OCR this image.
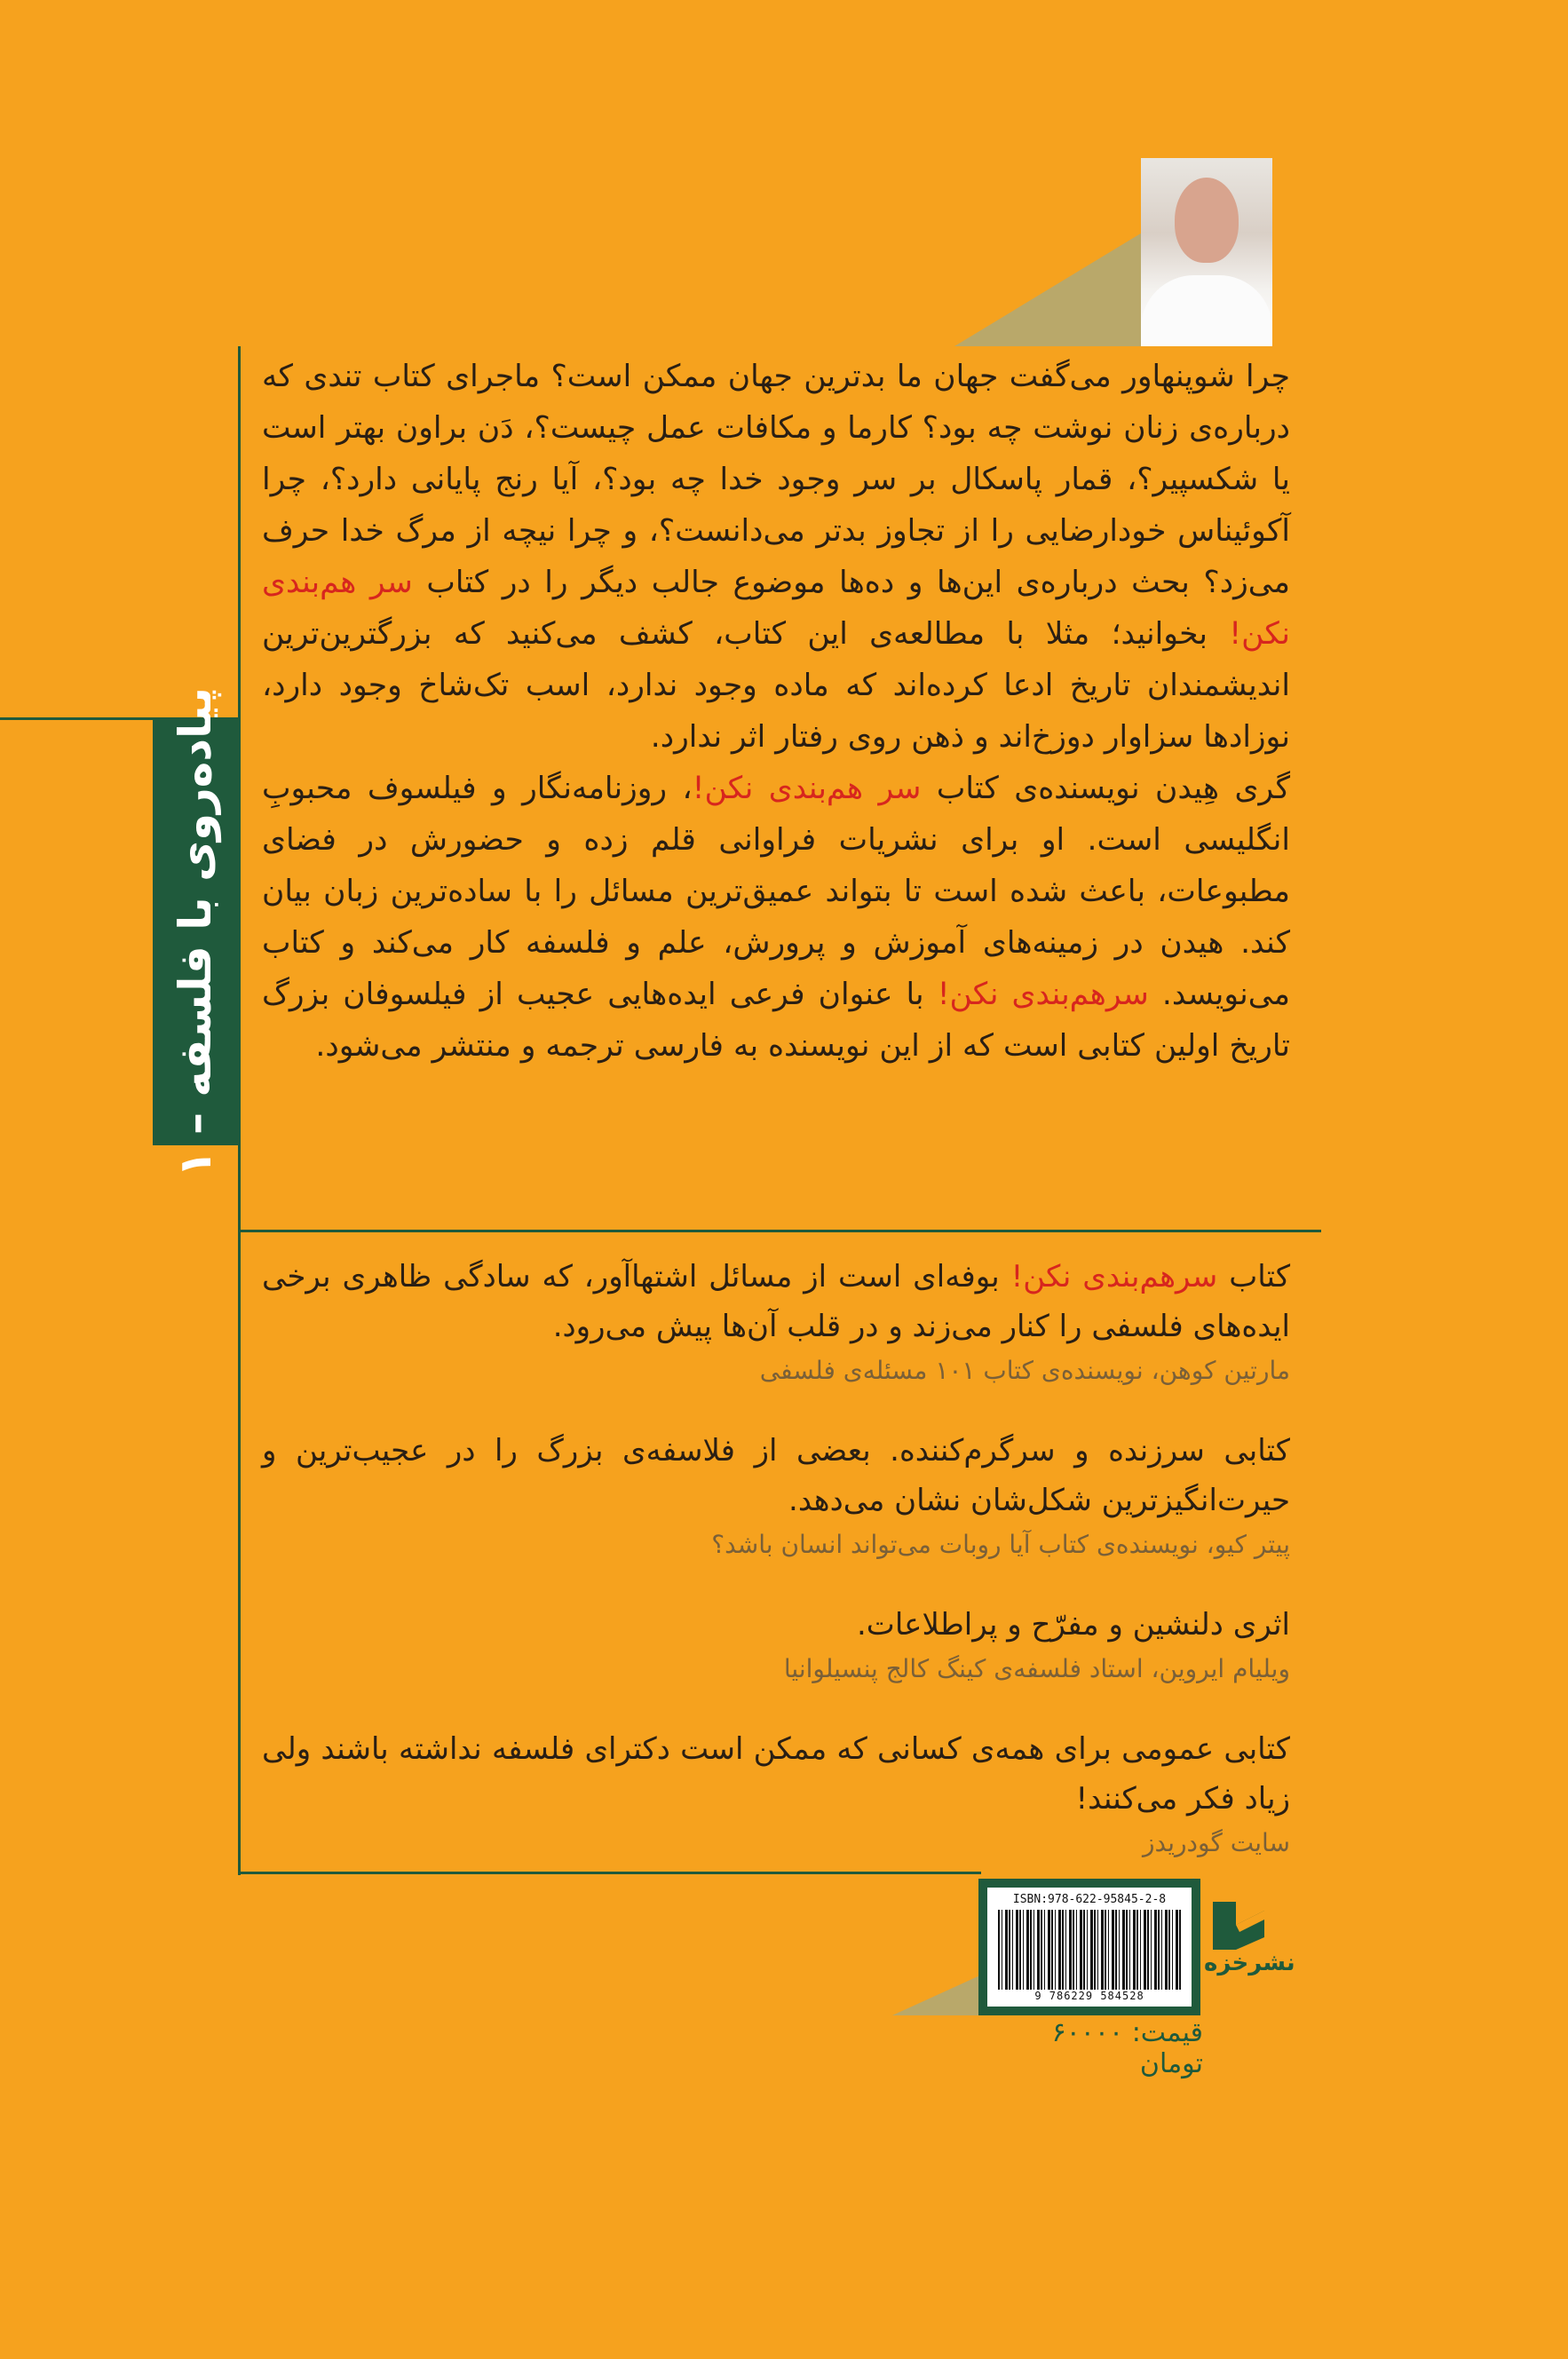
پیاده‌روی با فلسفه – ۱

چرا شوپنهاور می‌گفت جهان ما بدترین جهان ممکن است؟ ماجرای کتاب تندی که درباره‌ی زنان نوشت چه بود؟ کارما و مکافات عمل چیست؟، دَن براون بهتر است یا شکسپیر؟، قمار پاسکال بر سر وجود خدا چه بود؟، آیا رنج پایانی دارد؟، چرا آکوئیناس خودارضایی را از تجاوز بدتر می‌دانست؟، و چرا نیچه از مرگ خدا حرف می‌زد؟ بحث درباره‌ی این‌ها و ده‌ها موضوع جالب دیگر را در کتاب سر هم‌بندی نکن! بخوانید؛ مثلا با مطالعه‌ی این کتاب، کشف می‌کنید که بزرگترین‌ترین اندیشمندان تاریخ ادعا کرده‌اند که ماده وجود ندارد، اسب تک‌شاخ وجود دارد، نوزادها سزاوار دوزخ‌اند و ذهن روی رفتار اثر ندارد.

گری هِیدن نویسنده‌ی کتاب سر هم‌بندی نکن!، روزنامه‌نگار و فیلسوف محبوبِ انگلیسی است. او برای نشریات فراوانی قلم زده و حضورش در فضای مطبوعات، باعث شده است تا بتواند عمیق‌ترین مسائل را با ساده‌ترین زبان بیان کند. هیدن در زمینه‌های آموزش و پرورش، علم و فلسفه کار می‌کند و کتاب می‌نویسد. سرهم‌بندی نکن! با عنوان فرعی ایده‌هایی عجیب از فیلسوفان بزرگ تاریخ اولین کتابی است که از این نویسنده به فارسی ترجمه و منتشر می‌شود.

کتاب سرهم‌بندی نکن! بوفه‌ای است از مسائل اشتهاآور، که سادگی ظاهری برخی ایده‌های فلسفی را کنار می‌زند و در قلب آن‌ها پیش می‌رود.

مارتین کوهن، نویسنده‌ی کتاب ۱۰۱ مسئله‌ی فلسفی

کتابی سرزنده و سرگرم‌کننده. بعضی از فلاسفه‌ی بزرگ را در عجیب‌ترین و حیرت‌انگیزترین شکل‌شان نشان می‌دهد.

پیتر کیو، نویسنده‌ی کتاب آیا روبات می‌تواند انسان باشد؟

اثری دلنشین و مفرّح و پراطلاعات.

ویلیام ایروین، استاد فلسفه‌ی کینگ کالج پنسیلوانیا

کتابی عمومی برای همه‌ی کسانی که ممکن است دکترای فلسفه نداشته باشند ولی زیاد فکر می‌کنند!

سایت گودریدز

ISBN:978-622-95845-2-8
9 786229 584528
نشرخزه
قیمت: ۶۰۰۰۰ تومان
